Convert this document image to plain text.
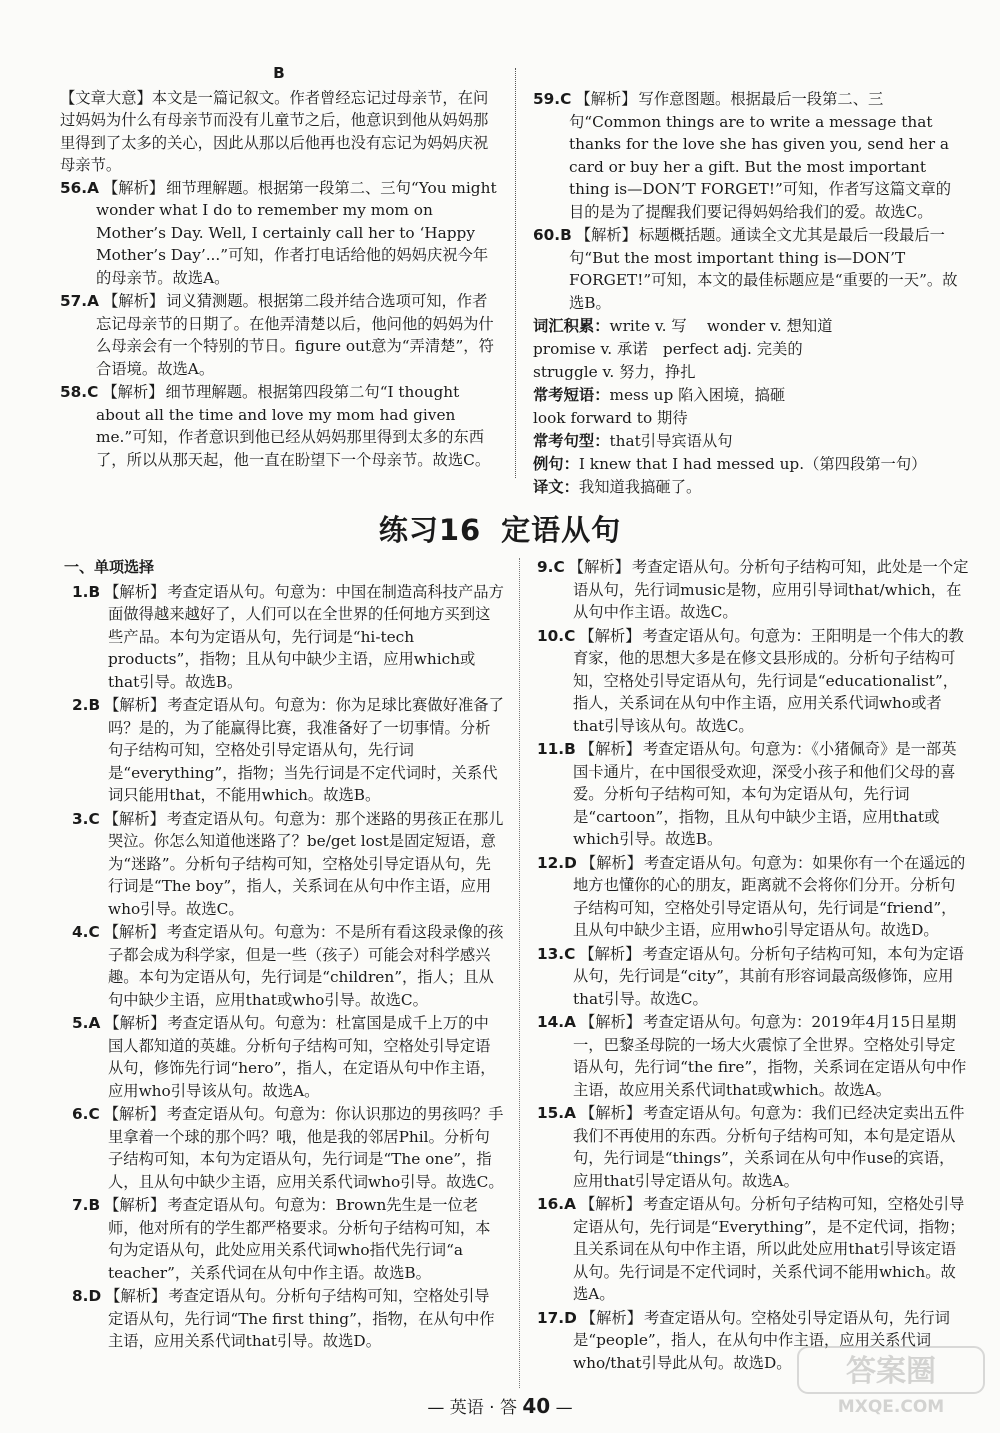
B

【文章大意】本文是一篇记叙文。作者曾经忘记过母亲节，在问过妈妈为什么有母亲节而没有儿童节之后，他意识到他从妈妈那里得到了太多的关心，因此从那以后他再也没有忘记为妈妈庆祝母亲节。

56.A 【解析】 细节理解题。根据第一段第二、三句“You might wonder what I do to remember my mom on Mother’s Day. Well, I certainly call her to ‘Happy Mother’s Day’...”可知，作者打电话给他的妈妈庆祝今年的母亲节。故选A。

57.A 【解析】 词义猜测题。根据第二段并结合选项可知，作者忘记母亲节的日期了。在他弄清楚以后，他问他的妈妈为什么母亲会有一个特别的节日。figure out意为“弄清楚”，符合语境。故选A。

58.C 【解析】 细节理解题。根据第四段第二句“I thought about all the time and love my mom had given me.”可知，作者意识到他已经从妈妈那里得到太多的东西了，所以从那天起，他一直在盼望下一个母亲节。故选C。

59.C 【解析】 写作意图题。根据最后一段第二、三句“Common things are to write a message that thanks for the love she has given you, send her a card or buy her a gift. But the most important thing is—DON’T FORGET!”可知，作者写这篇文章的目的是为了提醒我们要记得妈妈给我们的爱。故选C。

60.B 【解析】 标题概括题。通读全文尤其是最后一段最后一句“But the most important thing is—DON’T FORGET!”可知，本文的最佳标题应是“重要的一天”。故选B。

词汇积累：write v. 写　 wonder v. 想知道

promise v. 承诺　perfect adj. 完美的

struggle v. 努力，挣扎

常考短语：mess up 陷入困境，搞砸

look forward to 期待

常考句型：that引导宾语从句

例句：I knew that I had messed up.（第四段第一句）

译文：我知道我搞砸了。

练习16 定语从句
一、单项选择

1.B 【解析】 考查定语从句。句意为：中国在制造高科技产品方面做得越来越好了，人们可以在全世界的任何地方买到这些产品。本句为定语从句，先行词是“hi-tech products”，指物；且从句中缺少主语，应用which或that引导。故选B。

2.B 【解析】 考查定语从句。句意为：你为足球比赛做好准备了吗？是的，为了能赢得比赛，我准备好了一切事情。分析句子结构可知，空格处引导定语从句，先行词是“everything”，指物；当先行词是不定代词时，关系代词只能用that，不能用which。故选B。

3.C 【解析】 考查定语从句。句意为：那个迷路的男孩正在那儿哭泣。你怎么知道他迷路了？be/get lost是固定短语，意为“迷路”。分析句子结构可知，空格处引导定语从句，先行词是“The boy”，指人，关系词在从句中作主语，应用who引导。故选C。

4.C 【解析】 考查定语从句。句意为：不是所有看这段录像的孩子都会成为科学家，但是一些（孩子）可能会对科学感兴趣。本句为定语从句，先行词是“children”，指人；且从句中缺少主语，应用that或who引导。故选C。

5.A 【解析】 考查定语从句。句意为：杜富国是成千上万的中国人都知道的英雄。分析句子结构可知，空格处引导定语从句，修饰先行词“hero”，指人，在定语从句中作主语，应用who引导该从句。故选A。

6.C 【解析】 考查定语从句。句意为：你认识那边的男孩吗？手里拿着一个球的那个吗？哦，他是我的邻居Phil。分析句子结构可知，本句为定语从句，先行词是“The one”，指人，且从句中缺少主语，应用关系代词who引导。故选C。

7.B 【解析】 考查定语从句。句意为：Brown先生是一位老师，他对所有的学生都严格要求。分析句子结构可知，本句为定语从句，此处应用关系代词who指代先行词“a teacher”，关系代词在从句中作主语。故选B。

8.D 【解析】 考查定语从句。分析句子结构可知，空格处引导定语从句，先行词“The first thing”，指物，在从句中作主语，应用关系代词that引导。故选D。

9.C 【解析】 考查定语从句。分析句子结构可知，此处是一个定语从句，先行词music是物，应用引导词that/which，在从句中作主语。故选C。

10.C 【解析】 考查定语从句。句意为：王阳明是一个伟大的教育家，他的思想大多是在修文县形成的。分析句子结构可知，空格处引导定语从句，先行词是“educationalist”，指人，关系词在从句中作主语，应用关系代词who或者that引导该从句。故选C。

11.B 【解析】 考查定语从句。句意为：《小猪佩奇》是一部英国卡通片，在中国很受欢迎，深受小孩子和他们父母的喜爱。分析句子结构可知，本句为定语从句，先行词是“cartoon”，指物，且从句中缺少主语，应用that或which引导。故选B。

12.D 【解析】 考查定语从句。句意为：如果你有一个在遥远的地方也懂你的心的朋友，距离就不会将你们分开。分析句子结构可知，空格处引导定语从句，先行词是“friend”，且从句中缺少主语，应用who引导定语从句。故选D。

13.C 【解析】 考查定语从句。分析句子结构可知，本句为定语从句，先行词是“city”，其前有形容词最高级修饰，应用that引导。故选C。

14.A 【解析】 考查定语从句。句意为：2019年4月15日星期一，巴黎圣母院的一场大火震惊了全世界。空格处引导定语从句，先行词“the fire”，指物，关系词在定语从句中作主语，故应用关系代词that或which。故选A。

15.A 【解析】 考查定语从句。句意为：我们已经决定卖出五件我们不再使用的东西。分析句子结构可知，本句是定语从句，先行词是“things”，关系词在从句中作use的宾语，应用that引导定语从句。故选A。

16.A 【解析】 考查定语从句。分析句子结构可知，空格处引导定语从句，先行词是“Everything”，是不定代词，指物；且关系词在从句中作主语，所以此处应用that引导该定语从句。先行词是不定代词时，关系代词不能用which。故选A。

17.D 【解析】 考查定语从句。空格处引导定语从句，先行词是“people”，指人，在从句中作主语，应用关系代词who/that引导此从句。故选D。

— 英语 · 答 40 —
答案圈
MXQE.COM
